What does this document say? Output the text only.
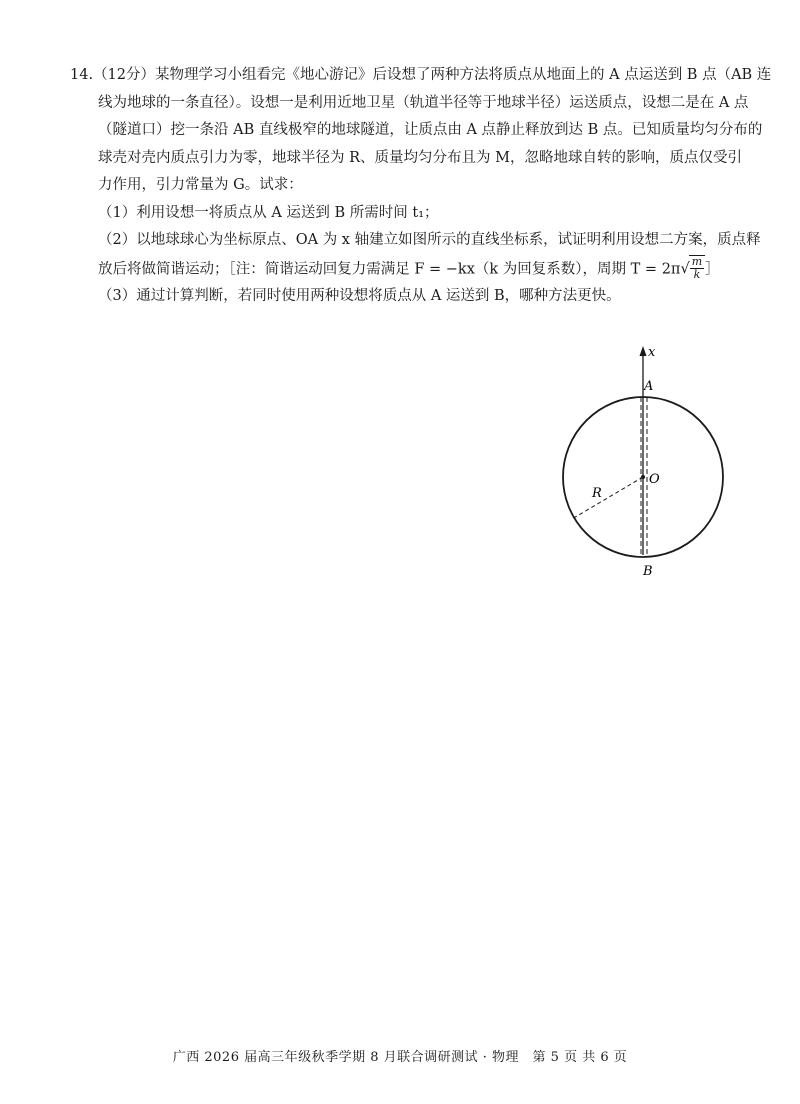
14.（12分）某物理学习小组看完《地心游记》后设想了两种方法将质点从地面上的 A 点运送到 B 点（AB 连
线为地球的一条直径）。设想一是利用近地卫星（轨道半径等于地球半径）运送质点，设想二是在 A 点
（隧道口）挖一条沿 AB 直线极窄的地球隧道，让质点由 A 点静止释放到达 B 点。已知质量均匀分布的
球壳对壳内质点引力为零，地球半径为 R、质量均匀分布且为 M，忽略地球自转的影响，质点仅受引
力作用，引力常量为 G。试求：
（1）利用设想一将质点从 A 运送到 B 所需时间 t₁；
（2）以地球球心为坐标原点、OA 为 x 轴建立如图所示的直线坐标系，试证明利用设想二方案，质点释
放后将做简谐运动；［注：简谐运动回复力需满足 F = −kx（k 为回复系数），周期 $T = 2\pi√ \frac{m}{k}$ ］
（3）通过计算判断，若同时使用两种设想将质点从 A 运送到 B，哪种方法更快。
x
A
O
R
B
广西 2026 届高三年级秋季学期 8 月联合调研测试 · 物理　第 5 页 共 6 页
